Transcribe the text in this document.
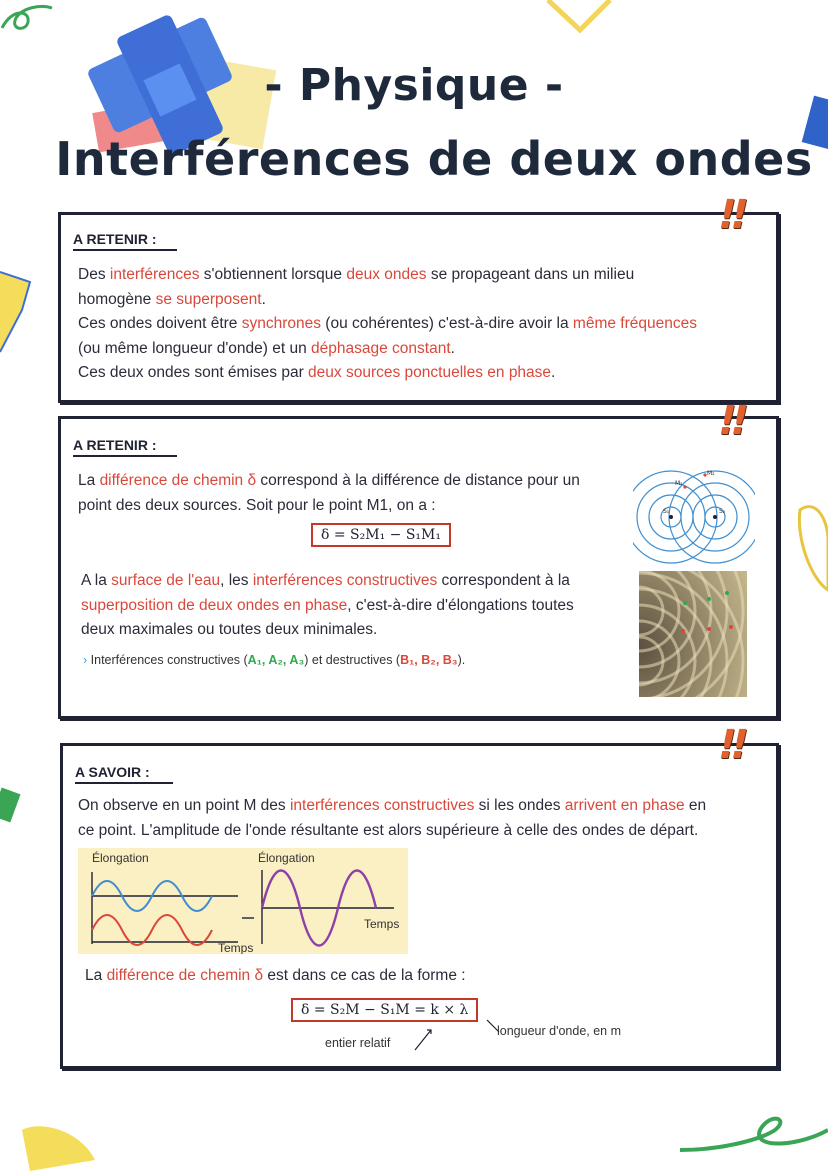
- Physique -
Interférences de deux ondes
A RETENIR :
Des interférences s'obtiennent lorsque deux ondes se propageant dans un milieu
homogène se superposent.
Ces ondes doivent être synchrones (ou cohérentes) c'est-à-dire avoir la même fréquences
(ou même longueur d'onde) et un déphasage constant.
Ces deux ondes sont émises par deux sources ponctuelles en phase.
!!
A RETENIR :
La différence de chemin δ correspond à la différence de distance pour un
point des deux sources. Soit pour le point M1, on a :
δ = S₂M₁ − S₁M₁
A la surface de l'eau, les interférences constructives correspondent à la
superposition de deux ondes en phase, c'est-à-dire d'élongations toutes
deux maximales ou toutes deux minimales.
› Interférences constructives (A₁, A₂, A₃) et destructives (B₁, B₂, B₃).
S₁	S₂
M₁
M₂
!!
A SAVOIR :
On observe en un point M des interférences constructives si les ondes arrivent en phase en
ce point. L'amplitude de l'onde résultante est alors supérieure à celle des ondes de départ.
Élongation	Élongation
Temps
Temps
La différence de chemin δ est dans ce cas de la forme :
δ = S₂M − S₁M = k × λ
entier relatif
longueur d'onde, en m
!!
